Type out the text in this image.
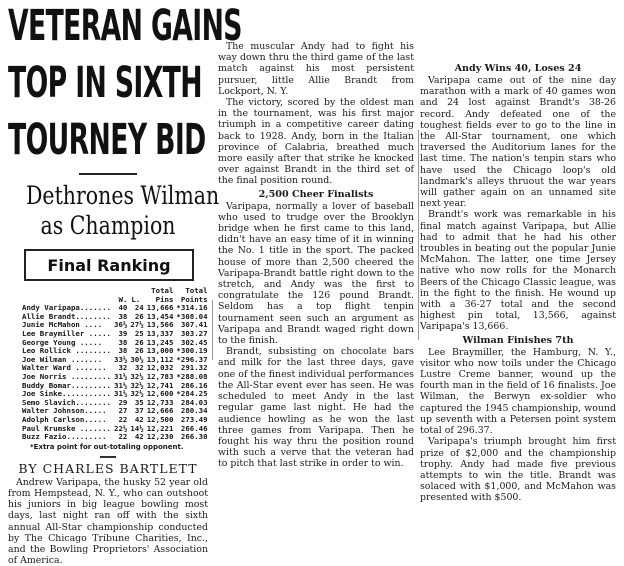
VETERAN GAINS
TOP IN SIXTH
TOURNEY BID
Dethrones Wilman
as Champion
Final Ranking
			Total	Total
	W.	L.	Pins	Points
Andy Varipapa.......	40	24	13,666	*314.16
Allie Brandt........	38	26	13,454	*308.04
Junie McMahon ....	36½	27½	13,566	307.41
Lee Braymiller .....	39	25	13,337	303.27
George Young .....	38	26	13,245	302.45
Leo Rollick ........	38	26	13,000	*300.19
Joe Wilman .......	33½	30½	13,112	*296.37
Walter Ward .......	32	32	12,032	291.32
Joe Norris .........	31½	32½	12,783	*288.08
Buddy Bomar.........	31½	32½	12,741	286.16
Joe Sinke...........	31½	32½	12,600	*284.25
Semo Slavich........	29	35	12,733	284.03
Walter Johnson.....	27	37	12,666	280.34
Adolph Carlson.....	22	42	12,500	273.49
Paul Krumske .......	22½	14½	12,221	266.46
Buzz Fazio.........	22	42	12,230	266.30
*Extra point for out-totaling opponent.
BY CHARLES BARTLETT

Andrew Varipapa, the husky 52 year old from Hempstead, N. Y., who can outshoot his juniors in big league bowling most days, last night ran off with the sixth annual All-Star championship conducted by The Chicago Tribune Charities, Inc., and the Bowling Proprietors' Association of America.

The muscular Andy had to fight his way down thru the third game of the last match against his most persistent pursuer, little Allie Brandt from Lockport, N. Y.

The victory, scored by the oldest man in the tournament, was his first major triumph in a competitive career dating back to 1928. Andy, born in the Italian province of Calabria, breathed much more easily after that strike he knocked over against Brandt in the third set of the final position round.

2,500 Cheer Finalists

Varipapa, normally a lover of baseball who used to trudge over the Brooklyn bridge when he first came to this land, didn't have an easy time of it in winning the No. 1 title in the sport. The packed house of more than 2,500 cheered the Varipapa-Brandt battle right down to the stretch, and Andy was the first to congratulate the 126 pound Brandt. Seldom has a top flight tenpin tournament seen such an argument as Varipapa and Brandt waged right down to the finish.

Brandt, subsisting on chocolate bars and milk for the last three days, gave one of the finest individual performances the All-Star event ever has seen. He was scheduled to meet Andy in the last regular game last night. He had the audience howling as he won the last three games from Varipapa. Then he fought his way thru the position round with such a verve that the veteran had to pitch that last strike in order to win.

Andy Wins 40, Loses 24

Varipapa came out of the nine day marathon with a mark of 40 games won and 24 lost against Brandt's 38-26 record. Andy defeated one of the toughest fields ever to go to the line in the All-Star tournament, one which traversed the Auditorium lanes for the last time. The nation's tenpin stars who have used the Chicago loop's old landmark's alleys thruout the war years will gather again on an unnamed site next year.

Brandt's work was remarkable in his final match against Varipapa, but Allie had to admit that he had his other troubles in beating out the popular Junie McMahon. The latter, one time Jersey native who now rolls for the Monarch Beers of the Chicago Classic league, was in the fight to the finish. He wound up with a 36-27 total and the second highest pin total, 13,566, against Varipapa's 13,666.

Wilman Finishes 7th

Lee Braymiller, the Hamburg, N. Y., visitor who now toils under the Chicago Lustre Creme banner, wound up the fourth man in the field of 16 finalists. Joe Wilman, the Berwyn ex-soldier who captured the 1945 championship, wound up seventh with a Petersen point system total of 296.37.

Varipapa's triumph brought him first prize of $2,000 and the championship trophy. Andy had made five previous attempts to win the title. Brandt was solaced with $1,000, and McMahon was presented with $500.
